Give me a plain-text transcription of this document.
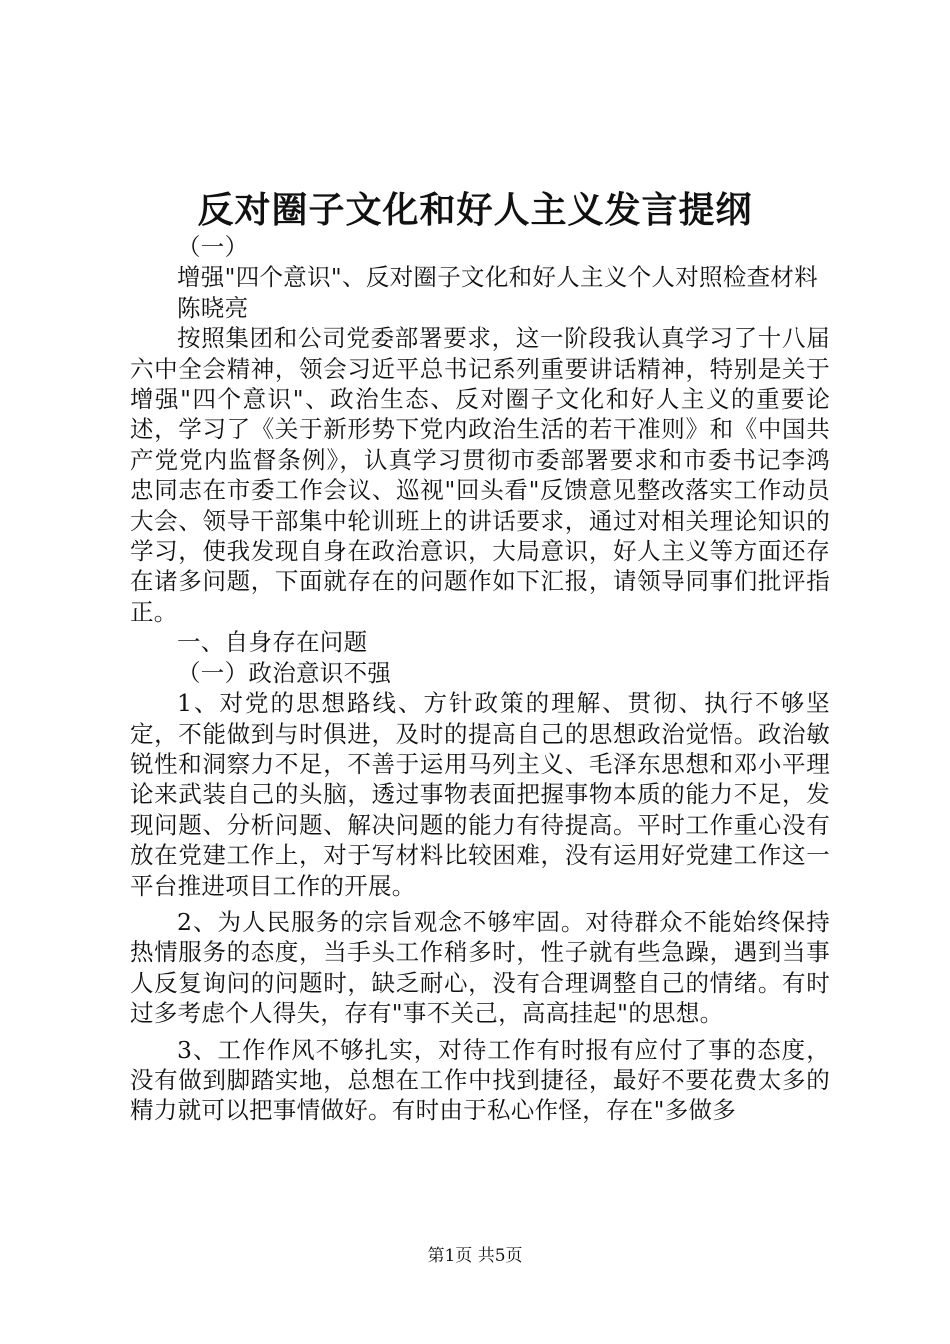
反对圈子文化和好人主义发言提纲

（一）

增强"四个意识"、反对圈子文化和好人主义个人对照检查材料

陈晓亮

按照集团和公司党委部署要求，这一阶段我认真学习了十八届六中全会精神，领会习近平总书记系列重要讲话精神，特别是关于增强"四个意识"、政治生态、反对圈子文化和好人主义的重要论述，学习了《关于新形势下党内政治生活的若干准则》和《中国共产党党内监督条例》，认真学习贯彻市委部署要求和市委书记李鸿忠同志在市委工作会议、巡视"回头看"反馈意见整改落实工作动员大会、领导干部集中轮训班上的讲话要求，通过对相关理论知识的学习，使我发现自身在政治意识，大局意识，好人主义等方面还存在诸多问题，下面就存在的问题作如下汇报，请领导同事们批评指正。

一、自身存在问题

（一）政治意识不强

1、对党的思想路线、方针政策的理解、贯彻、执行不够坚定，不能做到与时俱进，及时的提高自己的思想政治觉悟。政治敏锐性和洞察力不足，不善于运用马列主义、毛泽东思想和邓小平理论来武装自己的头脑，透过事物表面把握事物本质的能力不足，发现问题、分析问题、解决问题的能力有待提高。平时工作重心没有放在党建工作上，对于写材料比较困难，没有运用好党建工作这一平台推进项目工作的开展。

2、为人民服务的宗旨观念不够牢固。对待群众不能始终保持热情服务的态度，当手头工作稍多时，性子就有些急躁，遇到当事人反复询问的问题时，缺乏耐心，没有合理调整自己的情绪。有时过多考虑个人得失，存有"事不关己，高高挂起"的思想。

3、工作作风不够扎实，对待工作有时报有应付了事的态度，没有做到脚踏实地，总想在工作中找到捷径，最好不要花费太多的精力就可以把事情做好。有时由于私心作怪，存在"多做多

第1页 共5页
